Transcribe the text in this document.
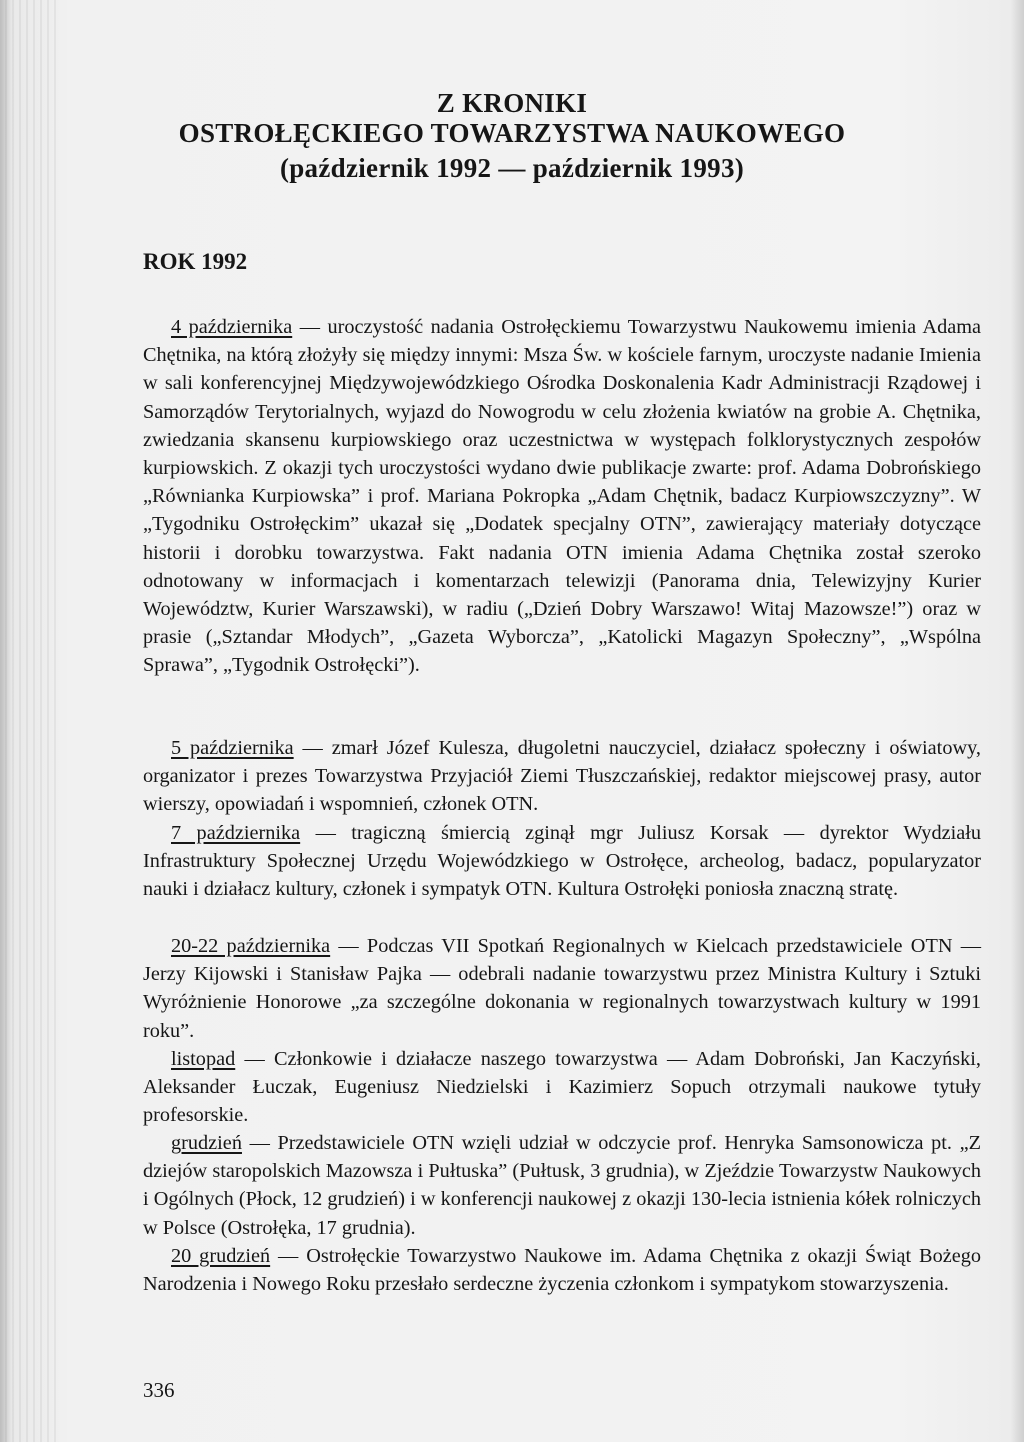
Z KRONIKI
OSTROŁĘCKIEGO TOWARZYSTWA NAUKOWEGO
(październik 1992 — październik 1993)
ROK 1992
4 października — uroczystość nadania Ostrołęckiemu Towarzystwu Naukowemu imienia Adama Chętnika, na którą złożyły się między innymi: Msza Św. w kościele farnym, uroczyste nadanie Imienia w sali konferencyjnej Międzywojewódzkiego Ośrodka Doskonalenia Kadr Administracji Rządowej i Samorządów Terytorialnych, wyjazd do Nowogrodu w celu złożenia kwiatów na grobie A. Chętnika, zwiedzania skansenu kurpiowskiego oraz uczestnictwa w występach folklorystycznych zespołów kurpiowskich. Z okazji tych uroczystości wydano dwie publikacje zwarte: prof. Adama Dobrońskiego „Równianka Kurpiowska” i prof. Mariana Pokropka „Adam Chętnik, badacz Kurpiowszczyzny”. W „Tygodniku Ostrołęckim” ukazał się „Dodatek specjalny OTN”, zawierający materiały dotyczące historii i dorobku towarzystwa. Fakt nadania OTN imienia Adama Chętnika został szeroko odnotowany w informacjach i komentarzach telewizji (Panorama dnia, Telewizyjny Kurier Województw, Kurier Warszawski), w radiu („Dzień Dobry Warszawo! Witaj Mazowsze!”) oraz w prasie („Sztandar Młodych”, „Gazeta Wyborcza”, „Katolicki Magazyn Społeczny”, „Wspólna Sprawa”, „Tygodnik Ostrołęcki”).
5 października — zmarł Józef Kulesza, długoletni nauczyciel, działacz społeczny i oświatowy, organizator i prezes Towarzystwa Przyjaciół Ziemi Tłuszczańskiej, redaktor miejscowej prasy, autor wierszy, opowiadań i wspomnień, członek OTN.
7 października — tragiczną śmiercią zginął mgr Juliusz Korsak — dyrektor Wydziału Infrastruktury Społecznej Urzędu Wojewódzkiego w Ostrołęce, archeolog, badacz, popularyzator nauki i działacz kultury, członek i sympatyk OTN. Kultura Ostrołęki poniosła znaczną stratę.
20-22 października — Podczas VII Spotkań Regionalnych w Kielcach przedstawiciele OTN — Jerzy Kijowski i Stanisław Pajka — odebrali nadanie towarzystwu przez Ministra Kultury i Sztuki Wyróżnienie Honorowe „za szczególne dokonania w regionalnych towarzystwach kultury w 1991 roku”.
listopad — Członkowie i działacze naszego towarzystwa — Adam Dobroński, Jan Kaczyński, Aleksander Łuczak, Eugeniusz Niedzielski i Kazimierz Sopuch otrzymali naukowe tytuły profesorskie.
grudzień — Przedstawiciele OTN wzięli udział w odczycie prof. Henryka Samsonowicza pt. „Z dziejów staropolskich Mazowsza i Pułtuska” (Pułtusk, 3 grudnia), w Zjeździe Towarzystw Naukowych i Ogólnych (Płock, 12 grudzień) i w konferencji naukowej z okazji 130-lecia istnienia kółek rolniczych w Polsce (Ostrołęka, 17 grudnia).
20 grudzień — Ostrołęckie Towarzystwo Naukowe im. Adama Chętnika z okazji Świąt Bożego Narodzenia i Nowego Roku przesłało serdeczne życzenia członkom i sympatykom stowarzyszenia.
336
